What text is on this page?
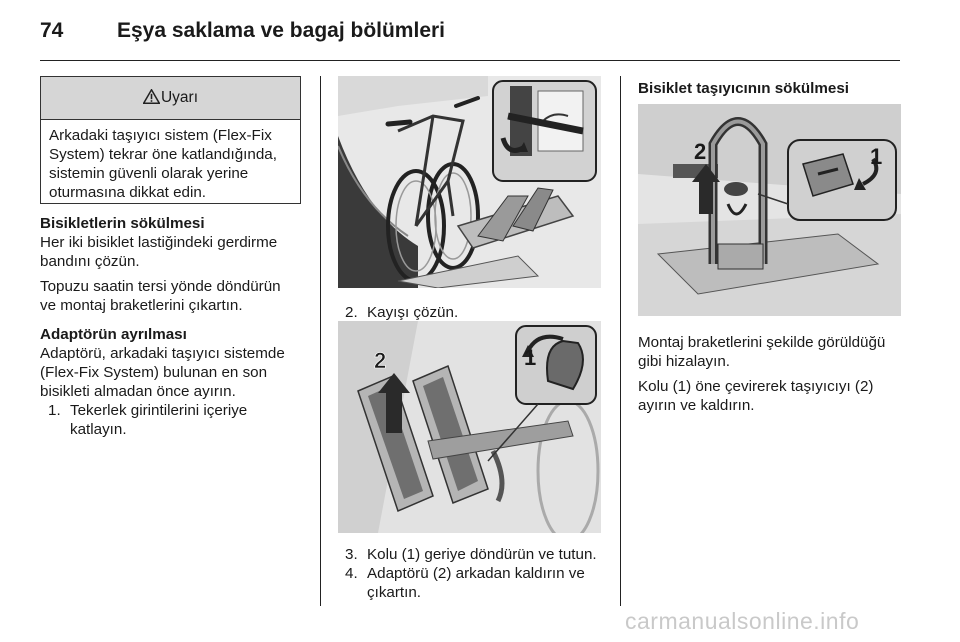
74	Eşya saklama ve bagaj bölümleri
Uyarı
Arkadaki taşıyıcı sistem (Flex-Fix
System) tekrar öne katlandığında,
sistemin güvenli olarak yerine
oturmasına dikkat edin.
Bisikletlerin sökülmesi
Her iki bisiklet lastiğindeki gerdirme
bandını çözün.
Topuzu saatin tersi yönde döndürün
ve montaj braketlerini çıkartın.
Adaptörün ayrılması
Adaptörü, arkadaki taşıyıcı sistemde
(Flex-Fix System) bulunan en son
bisikleti almadan önce ayırın.
1. Tekerlek girintilerini içeriye
katlayın.
2. Kayışı çözün.
2	1
3. Kolu (1) geriye döndürün ve tutun.
4. Adaptörü (2) arkadan kaldırın ve
çıkartın.
Bisiklet taşıyıcının sökülmesi
2	1
Montaj braketlerini şekilde görüldüğü
gibi hizalayın.
Kolu (1) öne çevirerek taşıyıcıyı (2)
ayırın ve kaldırın.
carmanualsonline.info
